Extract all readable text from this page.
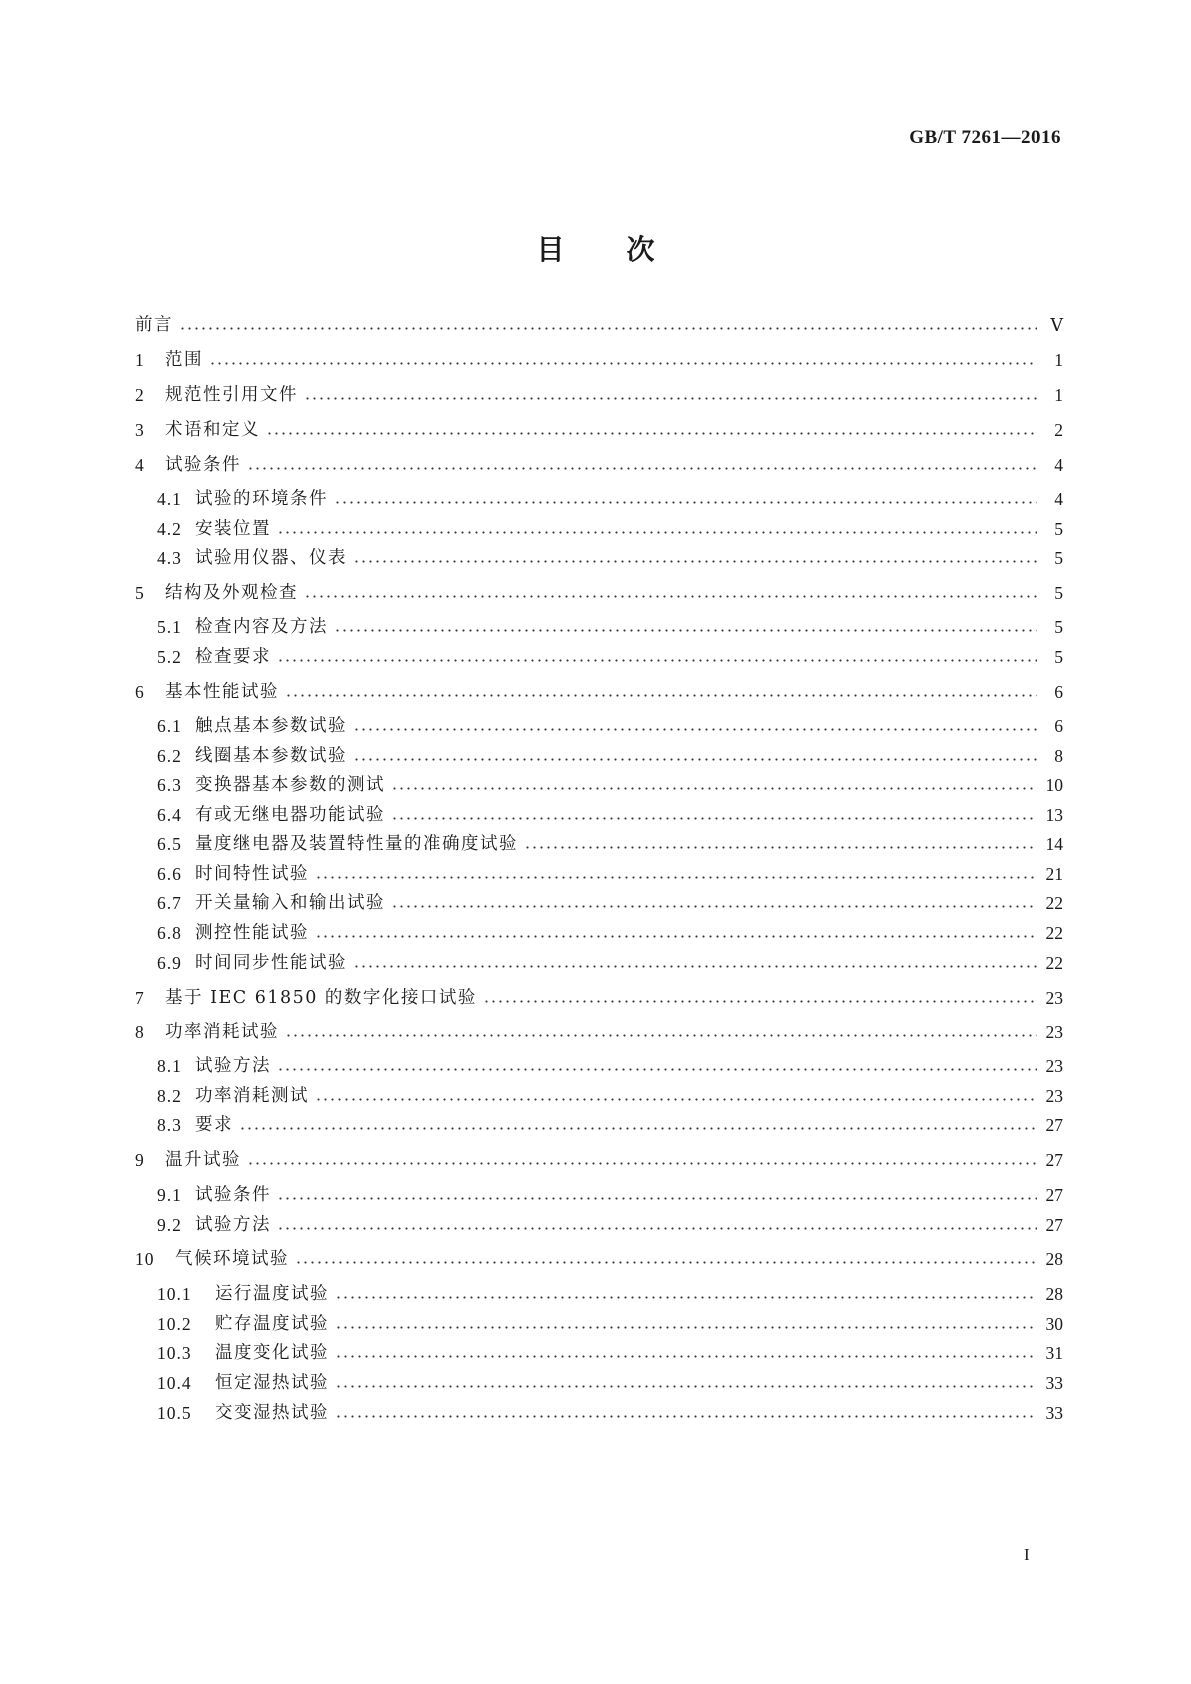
GB/T 7261—2016
目次
前言	Ⅴ
1	范围	1
2	规范性引用文件	1
3	术语和定义	2
4	试验条件	4
4.1 试验的环境条件	4
4.2 安装位置	5
4.3 试验用仪器、仪表	5
5	结构及外观检查	5
5.1 检查内容及方法	5
5.2 检查要求	5
6	基本性能试验	6
6.1 触点基本参数试验	6
6.2 线圈基本参数试验	8
6.3 变换器基本参数的测试	10
6.4 有或无继电器功能试验	13
6.5 量度继电器及装置特性量的准确度试验	14
6.6 时间特性试验	21
6.7 开关量输入和输出试验	22
6.8 测控性能试验	22
6.9 时间同步性能试验	22
7	基于 IEC 61850 的数字化接口试验	23
8	功率消耗试验	23
8.1 试验方法	23
8.2 功率消耗测试	23
8.3 要求	27
9	温升试验	27
9.1 试验条件	27
9.2 试验方法	27
10	气候环境试验	28
10.1	运行温度试验	28
10.2	贮存温度试验	30
10.3	温度变化试验	31
10.4	恒定湿热试验	33
10.5	交变湿热试验	33
I
